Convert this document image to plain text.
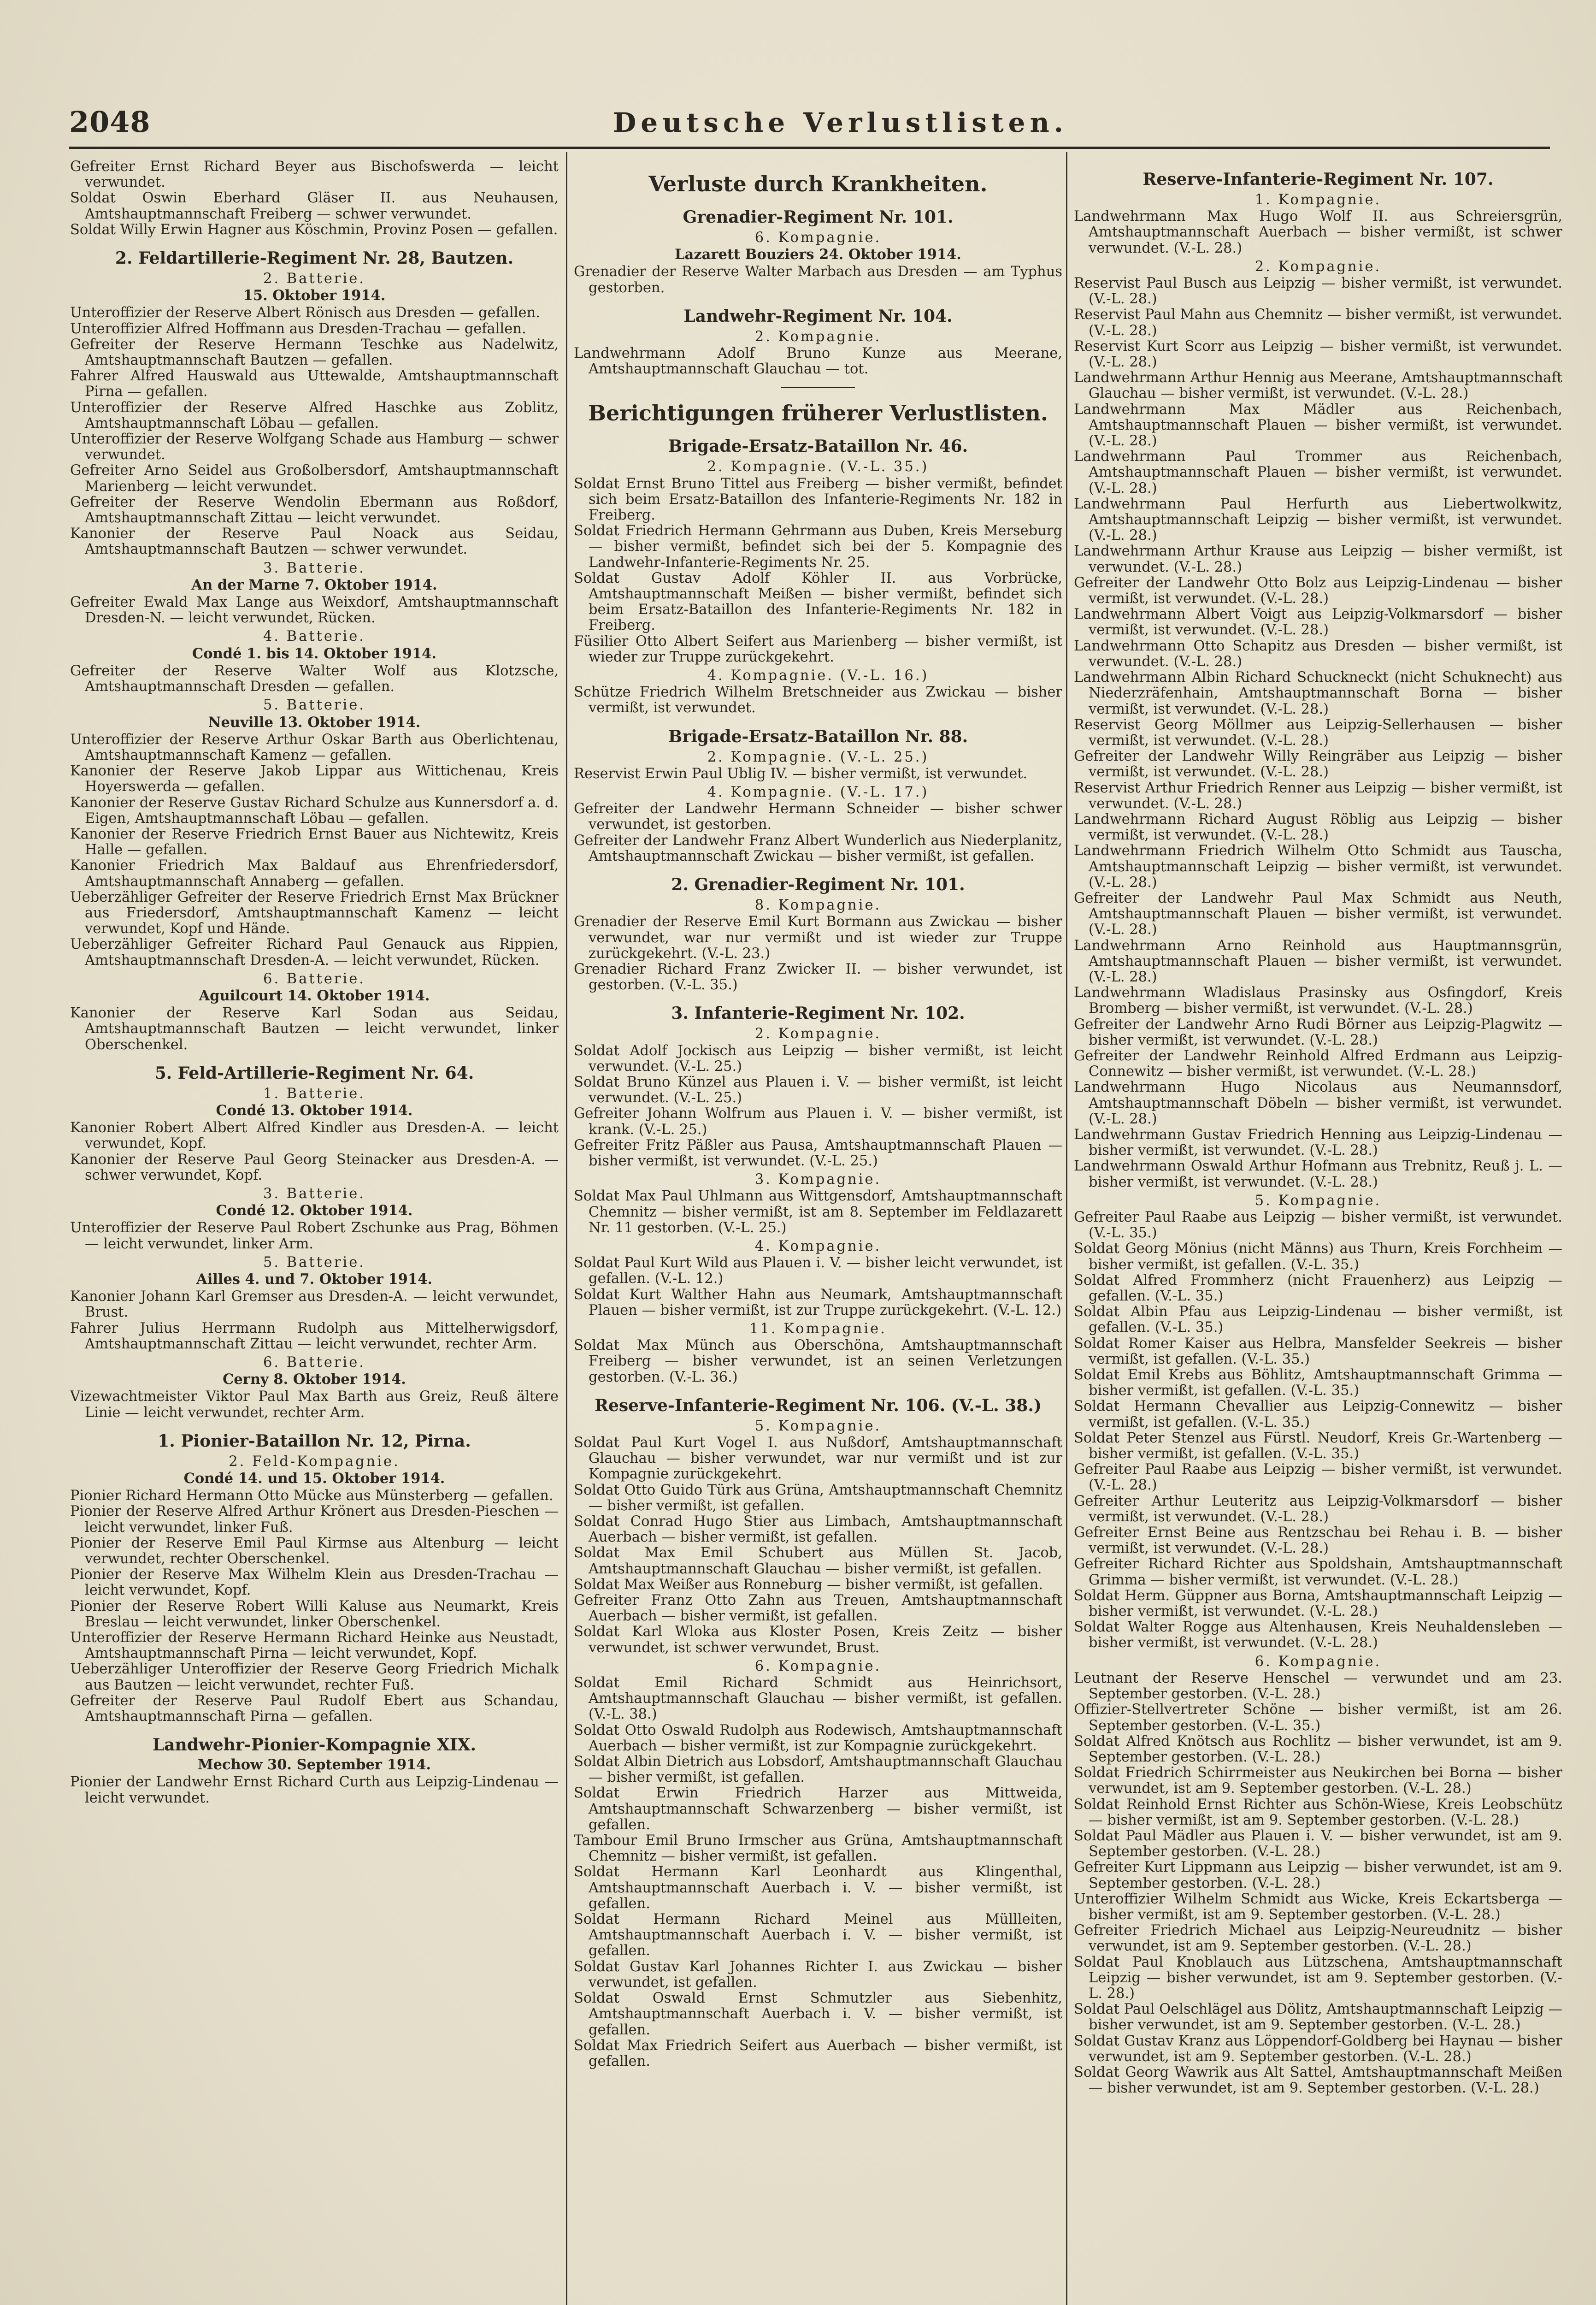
2048	Deutsche Verlustlisten.

Gefreiter Ernst Richard Beyer aus Bischofswerda — leicht verwundet.

Soldat Oswin Eberhard Gläser II. aus Neuhausen, Amtshauptmannschaft Freiberg — schwer verwundet.

Soldat Willy Erwin Hagner aus Köschmin, Provinz Posen — gefallen.

2. Feldartillerie-Regiment Nr. 28, Bautzen.
2. Batterie.
15. Oktober 1914.

Unteroffizier der Reserve Albert Rönisch aus Dresden — gefallen.

Unteroffizier Alfred Hoffmann aus Dresden-Trachau — gefallen.

Gefreiter der Reserve Hermann Teschke aus Nadelwitz, Amtshauptmannschaft Bautzen — gefallen.

Fahrer Alfred Hauswald aus Uttewalde, Amtshauptmannschaft Pirna — gefallen.

Unteroffizier der Reserve Alfred Haschke aus Zoblitz, Amtshauptmannschaft Löbau — gefallen.

Unteroffizier der Reserve Wolfgang Schade aus Hamburg — schwer verwundet.

Gefreiter Arno Seidel aus Großolbersdorf, Amtshauptmannschaft Marienberg — leicht verwundet.

Gefreiter der Reserve Wendolin Ebermann aus Roßdorf, Amtshauptmannschaft Zittau — leicht verwundet.

Kanonier der Reserve Paul Noack aus Seidau, Amtshauptmannschaft Bautzen — schwer verwundet.

3. Batterie.
An der Marne 7. Oktober 1914.

Gefreiter Ewald Max Lange aus Weixdorf, Amtshauptmannschaft Dresden-N. — leicht verwundet, Rücken.

4. Batterie.
Condé 1. bis 14. Oktober 1914.

Gefreiter der Reserve Walter Wolf aus Klotzsche, Amtshauptmannschaft Dresden — gefallen.

5. Batterie.
Neuville 13. Oktober 1914.

Unteroffizier der Reserve Arthur Oskar Barth aus Oberlichtenau, Amtshauptmannschaft Kamenz — gefallen.

Kanonier der Reserve Jakob Lippar aus Wittichenau, Kreis Hoyerswerda — gefallen.

Kanonier der Reserve Gustav Richard Schulze aus Kunnersdorf a. d. Eigen, Amtshauptmannschaft Löbau — gefallen.

Kanonier der Reserve Friedrich Ernst Bauer aus Nichtewitz, Kreis Halle — gefallen.

Kanonier Friedrich Max Baldauf aus Ehrenfriedersdorf, Amtshauptmannschaft Annaberg — gefallen.

Ueberzähliger Gefreiter der Reserve Friedrich Ernst Max Brückner aus Friedersdorf, Amtshauptmannschaft Kamenz — leicht verwundet, Kopf und Hände.

Ueberzähliger Gefreiter Richard Paul Genauck aus Rippien, Amtshauptmannschaft Dresden-A. — leicht verwundet, Rücken.

6. Batterie.
Aguilcourt 14. Oktober 1914.

Kanonier der Reserve Karl Sodan aus Seidau, Amtshauptmannschaft Bautzen — leicht verwundet, linker Oberschenkel.

5. Feld-Artillerie-Regiment Nr. 64.
1. Batterie.
Condé 13. Oktober 1914.

Kanonier Robert Albert Alfred Kindler aus Dresden-A. — leicht verwundet, Kopf.

Kanonier der Reserve Paul Georg Steinacker aus Dresden-A. — schwer verwundet, Kopf.

3. Batterie.
Condé 12. Oktober 1914.

Unteroffizier der Reserve Paul Robert Zschunke aus Prag, Böhmen — leicht verwundet, linker Arm.

5. Batterie.
Ailles 4. und 7. Oktober 1914.

Kanonier Johann Karl Gremser aus Dresden-A. — leicht verwundet, Brust.

Fahrer Julius Herrmann Rudolph aus Mittelherwigsdorf, Amtshauptmannschaft Zittau — leicht verwundet, rechter Arm.

6. Batterie.
Cerny 8. Oktober 1914.

Vizewachtmeister Viktor Paul Max Barth aus Greiz, Reuß ältere Linie — leicht verwundet, rechter Arm.

1. Pionier-Bataillon Nr. 12, Pirna.
2. Feld-Kompagnie.
Condé 14. und 15. Oktober 1914.

Pionier Richard Hermann Otto Mücke aus Münsterberg — gefallen.

Pionier der Reserve Alfred Arthur Krönert aus Dresden-Pieschen — leicht verwundet, linker Fuß.

Pionier der Reserve Emil Paul Kirmse aus Altenburg — leicht verwundet, rechter Oberschenkel.

Pionier der Reserve Max Wilhelm Klein aus Dresden-Trachau — leicht verwundet, Kopf.

Pionier der Reserve Robert Willi Kaluse aus Neumarkt, Kreis Breslau — leicht verwundet, linker Oberschenkel.

Unteroffizier der Reserve Hermann Richard Heinke aus Neustadt, Amtshauptmannschaft Pirna — leicht verwundet, Kopf.

Ueberzähliger Unteroffizier der Reserve Georg Friedrich Michalk aus Bautzen — leicht verwundet, rechter Fuß.

Gefreiter der Reserve Paul Rudolf Ebert aus Schandau, Amtshauptmannschaft Pirna — gefallen.

Landwehr-Pionier-Kompagnie XIX.
Mechow 30. September 1914.

Pionier der Landwehr Ernst Richard Curth aus Leipzig-Lindenau — leicht verwundet.

Verluste durch Krankheiten.
Grenadier-Regiment Nr. 101.
6. Kompagnie.
Lazarett Bouziers 24. Oktober 1914.

Grenadier der Reserve Walter Marbach aus Dresden — am Typhus gestorben.

Landwehr-Regiment Nr. 104.
2. Kompagnie.

Landwehrmann Adolf Bruno Kunze aus Meerane, Amtshauptmannschaft Glauchau — tot.

Berichtigungen früherer Verlustlisten.
Brigade-Ersatz-Bataillon Nr. 46.
2. Kompagnie. (V.-L. 35.)

Soldat Ernst Bruno Tittel aus Freiberg — bisher vermißt, befindet sich beim Ersatz-Bataillon des Infanterie-Regiments Nr. 182 in Freiberg.

Soldat Friedrich Hermann Gehrmann aus Duben, Kreis Merseburg — bisher vermißt, befindet sich bei der 5. Kompagnie des Landwehr-Infanterie-Regiments Nr. 25.

Soldat Gustav Adolf Köhler II. aus Vorbrücke, Amtshauptmannschaft Meißen — bisher vermißt, befindet sich beim Ersatz-Bataillon des Infanterie-Regiments Nr. 182 in Freiberg.

Füsilier Otto Albert Seifert aus Marienberg — bisher vermißt, ist wieder zur Truppe zurückgekehrt.

4. Kompagnie. (V.-L. 16.)

Schütze Friedrich Wilhelm Bretschneider aus Zwickau — bisher vermißt, ist verwundet.

Brigade-Ersatz-Bataillon Nr. 88.
2. Kompagnie. (V.-L. 25.)

Reservist Erwin Paul Ublig IV. — bisher vermißt, ist verwundet.

4. Kompagnie. (V.-L. 17.)

Gefreiter der Landwehr Hermann Schneider — bisher schwer verwundet, ist gestorben.

Gefreiter der Landwehr Franz Albert Wunderlich aus Niederplanitz, Amtshauptmannschaft Zwickau — bisher vermißt, ist gefallen.

2. Grenadier-Regiment Nr. 101.
8. Kompagnie.

Grenadier der Reserve Emil Kurt Bormann aus Zwickau — bisher verwundet, war nur vermißt und ist wieder zur Truppe zurückgekehrt. (V.-L. 23.)

Grenadier Richard Franz Zwicker II. — bisher verwundet, ist gestorben. (V.-L. 35.)

3. Infanterie-Regiment Nr. 102.
2. Kompagnie.

Soldat Adolf Jockisch aus Leipzig — bisher vermißt, ist leicht verwundet. (V.-L. 25.)

Soldat Bruno Künzel aus Plauen i. V. — bisher vermißt, ist leicht verwundet. (V.-L. 25.)

Gefreiter Johann Wolfrum aus Plauen i. V. — bisher vermißt, ist krank. (V.-L. 25.)

Gefreiter Fritz Päßler aus Pausa, Amtshauptmannschaft Plauen — bisher vermißt, ist verwundet. (V.-L. 25.)

3. Kompagnie.

Soldat Max Paul Uhlmann aus Wittgensdorf, Amtshauptmannschaft Chemnitz — bisher vermißt, ist am 8. September im Feldlazarett Nr. 11 gestorben. (V.-L. 25.)

4. Kompagnie.

Soldat Paul Kurt Wild aus Plauen i. V. — bisher leicht verwundet, ist gefallen. (V.-L. 12.)

Soldat Kurt Walther Hahn aus Neumark, Amtshauptmannschaft Plauen — bisher vermißt, ist zur Truppe zurückgekehrt. (V.-L. 12.)

11. Kompagnie.

Soldat Max Münch aus Oberschöna, Amtshauptmannschaft Freiberg — bisher verwundet, ist an seinen Verletzungen gestorben. (V.-L. 36.)

Reserve-Infanterie-Regiment Nr. 106. (V.-L. 38.)
5. Kompagnie.

Soldat Paul Kurt Vogel I. aus Nußdorf, Amtshauptmannschaft Glauchau — bisher verwundet, war nur vermißt und ist zur Kompagnie zurückgekehrt.

Soldat Otto Guido Türk aus Grüna, Amtshauptmannschaft Chemnitz — bisher vermißt, ist gefallen.

Soldat Conrad Hugo Stier aus Limbach, Amtshauptmannschaft Auerbach — bisher vermißt, ist gefallen.

Soldat Max Emil Schubert aus Müllen St. Jacob, Amtshauptmannschaft Glauchau — bisher vermißt, ist gefallen.

Soldat Max Weißer aus Ronneburg — bisher vermißt, ist gefallen.

Gefreiter Franz Otto Zahn aus Treuen, Amtshauptmannschaft Auerbach — bisher vermißt, ist gefallen.

Soldat Karl Wloka aus Kloster Posen, Kreis Zeitz — bisher verwundet, ist schwer verwundet, Brust.

6. Kompagnie.

Soldat Emil Richard Schmidt aus Heinrichsort, Amtshauptmannschaft Glauchau — bisher vermißt, ist gefallen. (V.-L. 38.)

Soldat Otto Oswald Rudolph aus Rodewisch, Amtshauptmannschaft Auerbach — bisher vermißt, ist zur Kompagnie zurückgekehrt.

Soldat Albin Dietrich aus Lobsdorf, Amtshauptmannschaft Glauchau — bisher vermißt, ist gefallen.

Soldat Erwin Friedrich Harzer aus Mittweida, Amtshauptmannschaft Schwarzenberg — bisher vermißt, ist gefallen.

Tambour Emil Bruno Irmscher aus Grüna, Amtshauptmannschaft Chemnitz — bisher vermißt, ist gefallen.

Soldat Hermann Karl Leonhardt aus Klingenthal, Amtshauptmannschaft Auerbach i. V. — bisher vermißt, ist gefallen.

Soldat Hermann Richard Meinel aus Müllleiten, Amtshauptmannschaft Auerbach i. V. — bisher vermißt, ist gefallen.

Soldat Gustav Karl Johannes Richter I. aus Zwickau — bisher verwundet, ist gefallen.

Soldat Oswald Ernst Schmutzler aus Siebenhitz, Amtshauptmannschaft Auerbach i. V. — bisher vermißt, ist gefallen.

Soldat Max Friedrich Seifert aus Auerbach — bisher vermißt, ist gefallen.

Reserve-Infanterie-Regiment Nr. 107.
1. Kompagnie.

Landwehrmann Max Hugo Wolf II. aus Schreiersgrün, Amtshauptmannschaft Auerbach — bisher vermißt, ist schwer verwundet. (V.-L. 28.)

2. Kompagnie.

Reservist Paul Busch aus Leipzig — bisher vermißt, ist verwundet. (V.-L. 28.)

Reservist Paul Mahn aus Chemnitz — bisher vermißt, ist verwundet. (V.-L. 28.)

Reservist Kurt Scorr aus Leipzig — bisher vermißt, ist verwundet. (V.-L. 28.)

Landwehrmann Arthur Hennig aus Meerane, Amtshauptmannschaft Glauchau — bisher vermißt, ist verwundet. (V.-L. 28.)

Landwehrmann Max Mädler aus Reichenbach, Amtshauptmannschaft Plauen — bisher vermißt, ist verwundet. (V.-L. 28.)

Landwehrmann Paul Trommer aus Reichenbach, Amtshauptmannschaft Plauen — bisher vermißt, ist verwundet. (V.-L. 28.)

Landwehrmann Paul Herfurth aus Liebertwolkwitz, Amtshauptmannschaft Leipzig — bisher vermißt, ist verwundet. (V.-L. 28.)

Landwehrmann Arthur Krause aus Leipzig — bisher vermißt, ist verwundet. (V.-L. 28.)

Gefreiter der Landwehr Otto Bolz aus Leipzig-Lindenau — bisher vermißt, ist verwundet. (V.-L. 28.)

Landwehrmann Albert Voigt aus Leipzig-Volkmarsdorf — bisher vermißt, ist verwundet. (V.-L. 28.)

Landwehrmann Otto Schapitz aus Dresden — bisher vermißt, ist verwundet. (V.-L. 28.)

Landwehrmann Albin Richard Schuckneckt (nicht Schuknecht) aus Niederzräfenhain, Amtshauptmannschaft Borna — bisher vermißt, ist verwundet. (V.-L. 28.)

Reservist Georg Möllmer aus Leipzig-Sellerhausen — bisher vermißt, ist verwundet. (V.-L. 28.)

Gefreiter der Landwehr Willy Reingräber aus Leipzig — bisher vermißt, ist verwundet. (V.-L. 28.)

Reservist Arthur Friedrich Renner aus Leipzig — bisher vermißt, ist verwundet. (V.-L. 28.)

Landwehrmann Richard August Röblig aus Leipzig — bisher vermißt, ist verwundet. (V.-L. 28.)

Landwehrmann Friedrich Wilhelm Otto Schmidt aus Tauscha, Amtshauptmannschaft Leipzig — bisher vermißt, ist verwundet. (V.-L. 28.)

Gefreiter der Landwehr Paul Max Schmidt aus Neuth, Amtshauptmannschaft Plauen — bisher vermißt, ist verwundet. (V.-L. 28.)

Landwehrmann Arno Reinhold aus Hauptmannsgrün, Amtshauptmannschaft Plauen — bisher vermißt, ist verwundet. (V.-L. 28.)

Landwehrmann Wladislaus Prasinsky aus Osfingdorf, Kreis Bromberg — bisher vermißt, ist verwundet. (V.-L. 28.)

Gefreiter der Landwehr Arno Rudi Börner aus Leipzig-Plagwitz — bisher vermißt, ist verwundet. (V.-L. 28.)

Gefreiter der Landwehr Reinhold Alfred Erdmann aus Leipzig-Connewitz — bisher vermißt, ist verwundet. (V.-L. 28.)

Landwehrmann Hugo Nicolaus aus Neumannsdorf, Amtshauptmannschaft Döbeln — bisher vermißt, ist verwundet. (V.-L. 28.)

Landwehrmann Gustav Friedrich Henning aus Leipzig-Lindenau — bisher vermißt, ist verwundet. (V.-L. 28.)

Landwehrmann Oswald Arthur Hofmann aus Trebnitz, Reuß j. L. — bisher vermißt, ist verwundet. (V.-L. 28.)

5. Kompagnie.

Gefreiter Paul Raabe aus Leipzig — bisher vermißt, ist verwundet. (V.-L. 35.)

Soldat Georg Mönius (nicht Männs) aus Thurn, Kreis Forchheim — bisher vermißt, ist gefallen. (V.-L. 35.)

Soldat Alfred Frommherz (nicht Frauenherz) aus Leipzig — gefallen. (V.-L. 35.)

Soldat Albin Pfau aus Leipzig-Lindenau — bisher vermißt, ist gefallen. (V.-L. 35.)

Soldat Romer Kaiser aus Helbra, Mansfelder Seekreis — bisher vermißt, ist gefallen. (V.-L. 35.)

Soldat Emil Krebs aus Böhlitz, Amtshauptmannschaft Grimma — bisher vermißt, ist gefallen. (V.-L. 35.)

Soldat Hermann Chevallier aus Leipzig-Connewitz — bisher vermißt, ist gefallen. (V.-L. 35.)

Soldat Peter Stenzel aus Fürstl. Neudorf, Kreis Gr.-Wartenberg — bisher vermißt, ist gefallen. (V.-L. 35.)

Gefreiter Paul Raabe aus Leipzig — bisher vermißt, ist verwundet. (V.-L. 28.)

Gefreiter Arthur Leuteritz aus Leipzig-Volkmarsdorf — bisher vermißt, ist verwundet. (V.-L. 28.)

Gefreiter Ernst Beine aus Rentzschau bei Rehau i. B. — bisher vermißt, ist verwundet. (V.-L. 28.)

Gefreiter Richard Richter aus Spoldshain, Amtshauptmannschaft Grimma — bisher vermißt, ist verwundet. (V.-L. 28.)

Soldat Herm. Güppner aus Borna, Amtshauptmannschaft Leipzig — bisher vermißt, ist verwundet. (V.-L. 28.)

Soldat Walter Rogge aus Altenhausen, Kreis Neuhaldensleben — bisher vermißt, ist verwundet. (V.-L. 28.)

6. Kompagnie.

Leutnant der Reserve Henschel — verwundet und am 23. September gestorben. (V.-L. 28.)

Offizier-Stellvertreter Schöne — bisher vermißt, ist am 26. September gestorben. (V.-L. 35.)

Soldat Alfred Knötsch aus Rochlitz — bisher verwundet, ist am 9. September gestorben. (V.-L. 28.)

Soldat Friedrich Schirrmeister aus Neukirchen bei Borna — bisher verwundet, ist am 9. September gestorben. (V.-L. 28.)

Soldat Reinhold Ernst Richter aus Schön-Wiese, Kreis Leobschütz — bisher vermißt, ist am 9. September gestorben. (V.-L. 28.)

Soldat Paul Mädler aus Plauen i. V. — bisher verwundet, ist am 9. September gestorben. (V.-L. 28.)

Gefreiter Kurt Lippmann aus Leipzig — bisher verwundet, ist am 9. September gestorben. (V.-L. 28.)

Unteroffizier Wilhelm Schmidt aus Wicke, Kreis Eckartsberga — bisher vermißt, ist am 9. September gestorben. (V.-L. 28.)

Gefreiter Friedrich Michael aus Leipzig-Neureudnitz — bisher verwundet, ist am 9. September gestorben. (V.-L. 28.)

Soldat Paul Knoblauch aus Lützschena, Amtshauptmannschaft Leipzig — bisher verwundet, ist am 9. September gestorben. (V.-L. 28.)

Soldat Paul Oelschlägel aus Dölitz, Amtshauptmannschaft Leipzig — bisher verwundet, ist am 9. September gestorben. (V.-L. 28.)

Soldat Gustav Kranz aus Löppendorf-Goldberg bei Haynau — bisher verwundet, ist am 9. September gestorben. (V.-L. 28.)

Soldat Georg Wawrik aus Alt Sattel, Amtshauptmannschaft Meißen — bisher verwundet, ist am 9. September gestorben. (V.-L. 28.)
